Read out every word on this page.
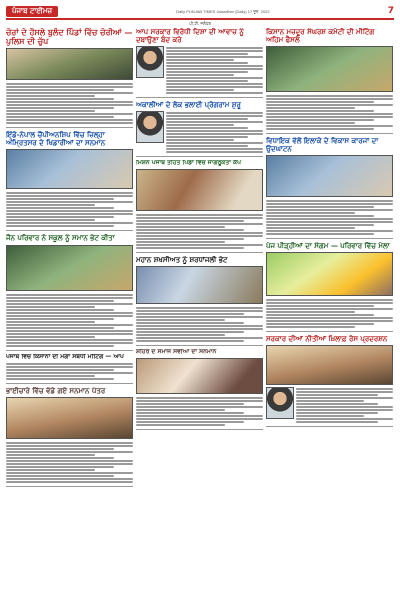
ਪੰਜਾਬ ਟਾਈਮਜ਼	Daily PUNJAB TIMES Jalandhar (Daily) 17 ਜੂਨ, 2022	7
ਪੀ.ਟੀ. ਜਲੰਧਰ
ਚੋਰਾਂ ਦੇ ਹੌਸਲੇ ਬੁਲੰਦ ਪਿੰਡਾਂ ਵਿੱਚ ਚੋਰੀਆਂ — ਪੁਲਿਸ ਦੀ ਚੁੱਪ
ਇੰਡੋ-ਨੇਪਾਲ ਚੈਂਪੀਅਨਸ਼ਿਪ ਵਿੱਚ ਜ਼ਿਲ੍ਹਾ ਅੰਮ੍ਰਿਤਸਰ ਦੇ ਖਿਡਾਰੀਆਂ ਦਾ ਸਨਮਾਨ
ਜੈਨ ਪਰਿਵਾਰ ਨੇ ਸਕੂਲ ਨੂੰ ਸਮਾਨ ਭੇਟ ਕੀਤਾ
ਪੰਜਾਬ ਵਿੱਚ ਕਿਸਾਨਾਂ ਦੀ ਮੰਗਾਂ ਸਬੰਧੀ ਮੀਟਿੰਗ — ਆਪ
ਭਾਈਚਾਰੇ ਵਿੱਚ ਵੰਡੇ ਗਏ ਸਨਮਾਨ ਪੱਤਰ
ਆਪ ਸਰਕਾਰ ਵਿਰੋਧੀ ਦਿਸ਼ਾ ਦੀ ਆਵਾਜ਼ ਨੂੰ ਦਬਾਉਣਾ ਬੰਦ ਕਰੇ
ਅਕਾਲੀਆਂ ਦੇ ਲੋਕ ਭਲਾਈ ਪ੍ਰੋਗਰਾਮ ਸ਼ੁਰੂ
ਮਿਸ਼ਨ ਪੰਜਾਬ ਤਹਿਤ ਪਿੰਡਾਂ ਵਿੱਚ ਜਾਗਰੂਕਤਾ ਕੈਂਪ
ਮਹਾਨ ਸ਼ਖਸੀਅਤ ਨੂੰ ਸ਼ਰਧਾਂਜਲੀ ਭੇਟ
ਸ਼ਹਿਰ ਦੇ ਸਮਾਜ ਸੇਵੀਆਂ ਦਾ ਸਨਮਾਨ
ਕਿਸਾਨ ਮਜ਼ਦੂਰ ਸੰਘਰਸ਼ ਕਮੇਟੀ ਦੀ ਮੀਟਿੰਗ ਅਹਿਮ ਫੈਸਲੇ
ਵਿਧਾਇਕ ਵੱਲੋਂ ਇਲਾਕੇ ਦੇ ਵਿਕਾਸ ਕਾਰਜਾਂ ਦਾ ਉਦਘਾਟਨ
ਪੰਜ ਪੀੜ੍ਹੀਆਂ ਦਾ ਸੰਗਮ — ਪਰਿਵਾਰ ਵਿੱਚ ਮੇਲਾ
ਸਰਕਾਰ ਦੀਆਂ ਨੀਤੀਆਂ ਖ਼ਿਲਾਫ਼ ਰੋਸ ਪ੍ਰਦਰਸ਼ਨ
